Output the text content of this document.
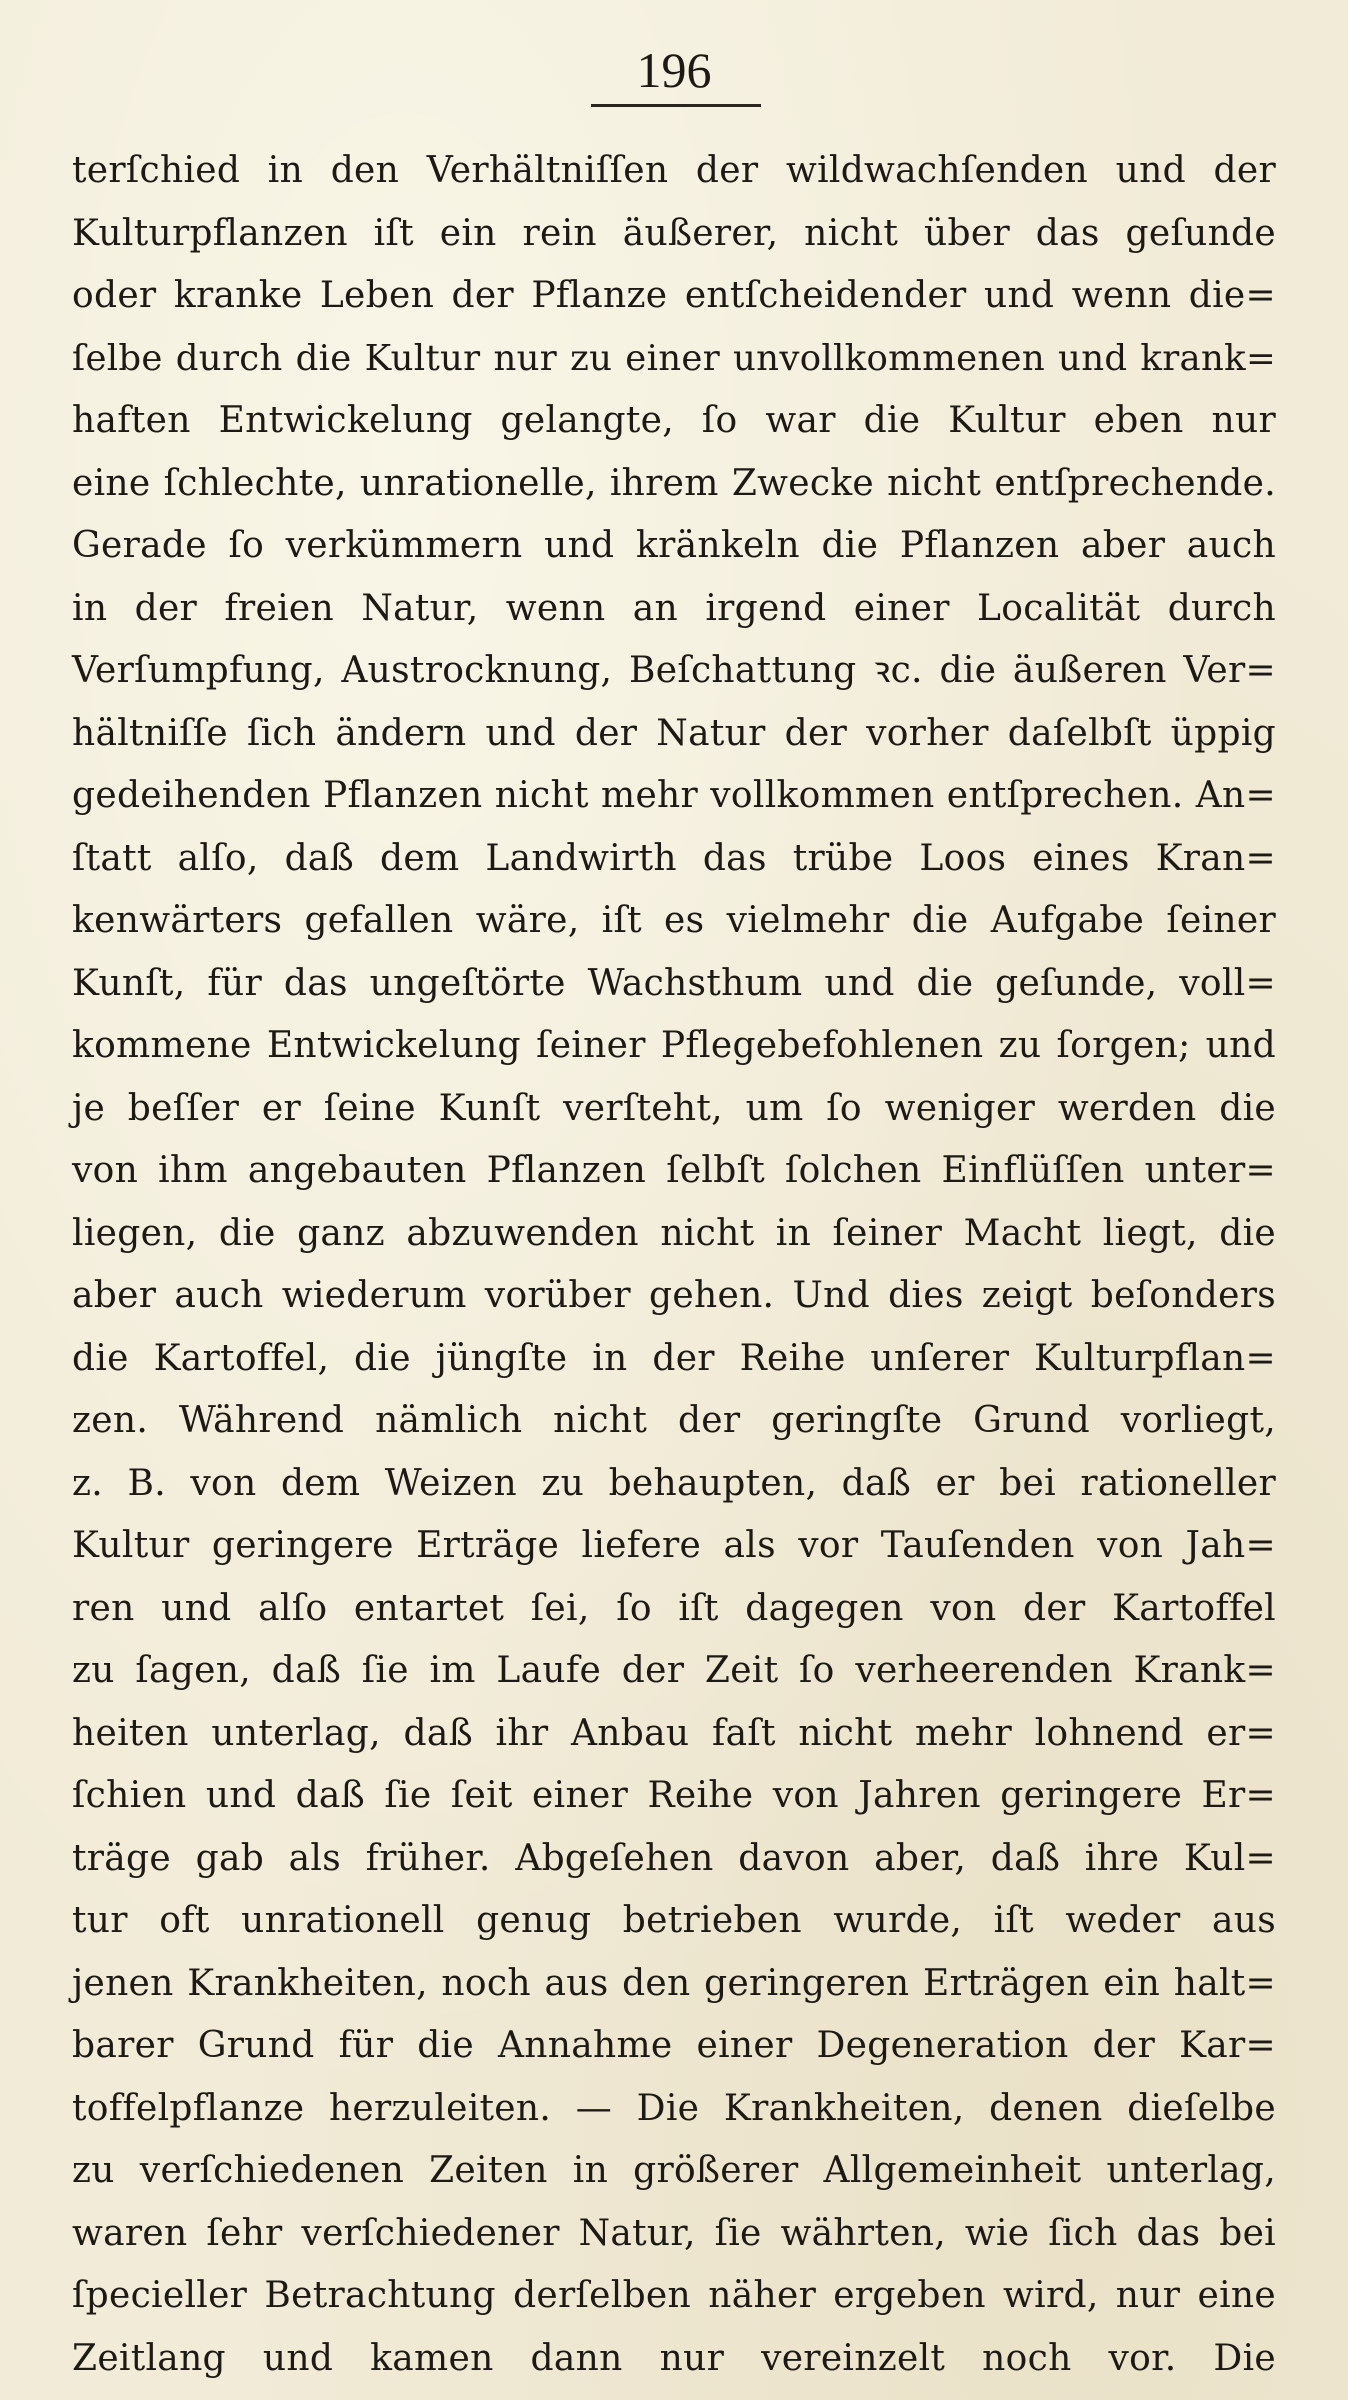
196
terſchied in den Verhältniſſen der wildwachſenden und der
Kulturpflanzen iſt ein rein äußerer, nicht über das geſunde
oder kranke Leben der Pflanze entſcheidender und wenn die=
ſelbe durch die Kultur nur zu einer unvollkommenen und krank=
haften Entwickelung gelangte, ſo war die Kultur eben nur
eine ſchlechte, unrationelle, ihrem Zwecke nicht entſprechende.
Gerade ſo verkümmern und kränkeln die Pflanzen aber auch
in der freien Natur, wenn an irgend einer Localität durch
Verſumpfung, Austrocknung, Beſchattung ꝛc. die äußeren Ver=
hältniſſe ſich ändern und der Natur der vorher daſelbſt üppig
gedeihenden Pflanzen nicht mehr vollkommen entſprechen. An=
ſtatt alſo, daß dem Landwirth das trübe Loos eines Kran=
kenwärters gefallen wäre, iſt es vielmehr die Aufgabe ſeiner
Kunſt, für das ungeſtörte Wachsthum und die geſunde, voll=
kommene Entwickelung ſeiner Pflegebefohlenen zu ſorgen; und
je beſſer er ſeine Kunſt verſteht, um ſo weniger werden die
von ihm angebauten Pflanzen ſelbſt ſolchen Einflüſſen unter=
liegen, die ganz abzuwenden nicht in ſeiner Macht liegt, die
aber auch wiederum vorüber gehen. Und dies zeigt beſonders
die Kartoffel, die jüngſte in der Reihe unſerer Kulturpflan=
zen. Während nämlich nicht der geringſte Grund vorliegt,
z. B. von dem Weizen zu behaupten, daß er bei rationeller
Kultur geringere Erträge liefere als vor Tauſenden von Jah=
ren und alſo entartet ſei, ſo iſt dagegen von der Kartoffel
zu ſagen, daß ſie im Laufe der Zeit ſo verheerenden Krank=
heiten unterlag, daß ihr Anbau faſt nicht mehr lohnend er=
ſchien und daß ſie ſeit einer Reihe von Jahren geringere Er=
träge gab als früher. Abgeſehen davon aber, daß ihre Kul=
tur oft unrationell genug betrieben wurde, iſt weder aus
jenen Krankheiten, noch aus den geringeren Erträgen ein halt=
barer Grund für die Annahme einer Degeneration der Kar=
toffelpflanze herzuleiten. — Die Krankheiten, denen dieſelbe
zu verſchiedenen Zeiten in größerer Allgemeinheit unterlag,
waren ſehr verſchiedener Natur, ſie währten, wie ſich das bei
ſpecieller Betrachtung derſelben näher ergeben wird, nur eine
Zeitlang und kamen dann nur vereinzelt noch vor. Die
